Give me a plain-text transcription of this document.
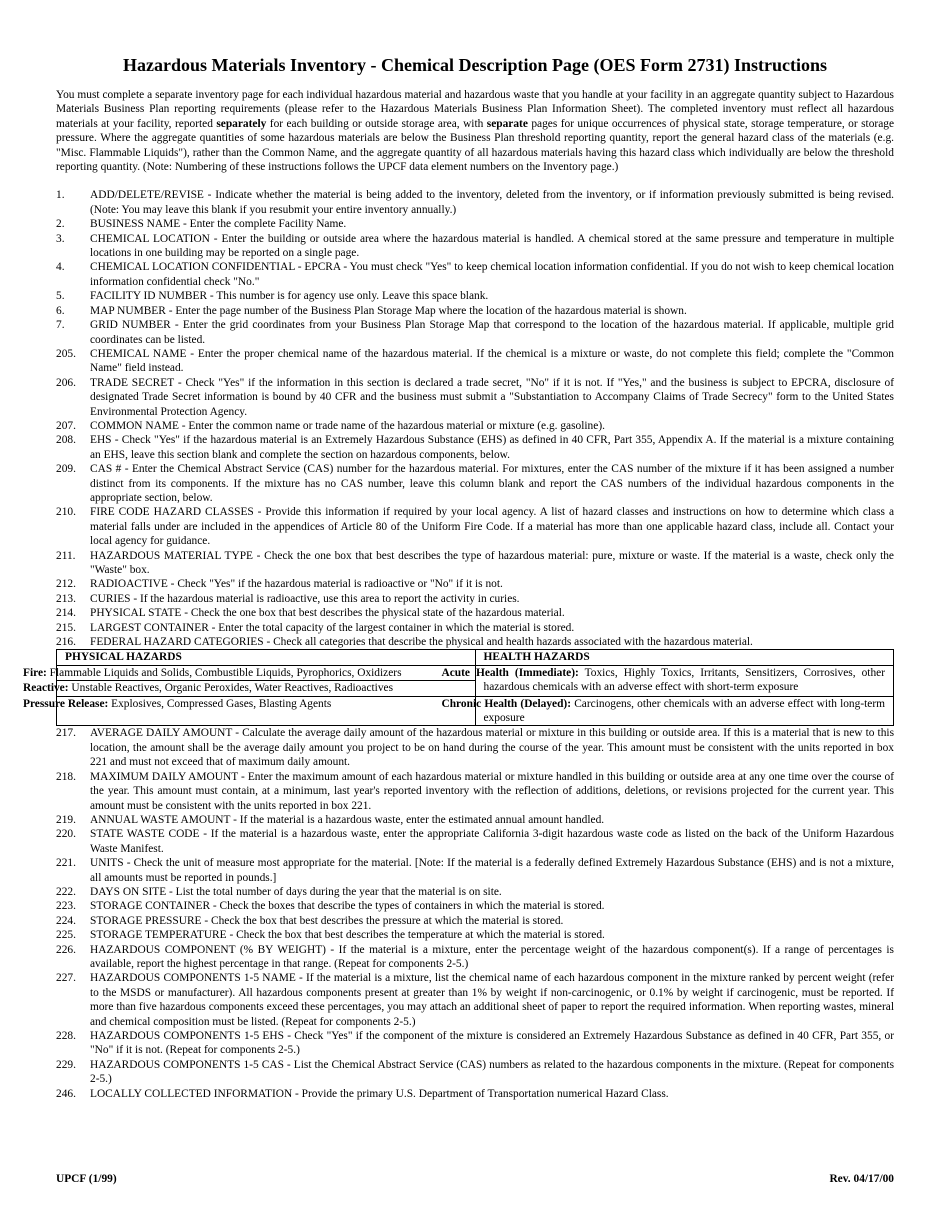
Hazardous Materials Inventory - Chemical Description Page (OES Form 2731) Instructions

You must complete a separate inventory page for each individual hazardous material and hazardous waste that you handle at your facility in an aggregate quantity subject to Hazardous Materials Business Plan reporting requirements (please refer to the Hazardous Materials Business Plan Information Sheet). The completed inventory must reflect all hazardous materials at your facility, reported separately for each building or outside storage area, with separate pages for unique occurrences of physical state, storage temperature, or storage pressure. Where the aggregate quantities of some hazardous materials are below the Business Plan threshold reporting quantity, report the general hazard class of the materials (e.g. "Misc. Flammable Liquids"), rather than the Common Name, and the aggregate quantity of all hazardous materials having this hazard class which individually are below the threshold reporting quantity. (Note: Numbering of these instructions follows the UPCF data element numbers on the Inventory page.)

1.	ADD/DELETE/REVISE - Indicate whether the material is being added to the inventory, deleted from the inventory, or if information previously submitted is being revised. (Note: You may leave this blank if you resubmit your entire inventory annually.)
2.	BUSINESS NAME - Enter the complete Facility Name.
3.	CHEMICAL LOCATION - Enter the building or outside area where the hazardous material is handled. A chemical stored at the same pressure and temperature in multiple locations in one building may be reported on a single page.
4.	CHEMICAL LOCATION CONFIDENTIAL - EPCRA - You must check "Yes" to keep chemical location information confidential. If you do not wish to keep chemical location information confidential check "No."
5.	FACILITY ID NUMBER - This number is for agency use only. Leave this space blank.
6.	MAP NUMBER - Enter the page number of the Business Plan Storage Map where the location of the hazardous material is shown.
7.	GRID NUMBER - Enter the grid coordinates from your Business Plan Storage Map that correspond to the location of the hazardous material. If applicable, multiple grid coordinates can be listed.
205.	CHEMICAL NAME - Enter the proper chemical name of the hazardous material. If the chemical is a mixture or waste, do not complete this field; complete the "Common Name" field instead.
206.	TRADE SECRET - Check "Yes" if the information in this section is declared a trade secret, "No" if it is not. If "Yes," and the business is subject to EPCRA, disclosure of designated Trade Secret information is bound by 40 CFR and the business must submit a "Substantiation to Accompany Claims of Trade Secrecy" form to the United States Environmental Protection Agency.
207.	COMMON NAME - Enter the common name or trade name of the hazardous material or mixture (e.g. gasoline).
208.	EHS - Check "Yes" if the hazardous material is an Extremely Hazardous Substance (EHS) as defined in 40 CFR, Part 355, Appendix A. If the material is a mixture containing an EHS, leave this section blank and complete the section on hazardous components, below.
209.	CAS # - Enter the Chemical Abstract Service (CAS) number for the hazardous material. For mixtures, enter the CAS number of the mixture if it has been assigned a number distinct from its components. If the mixture has no CAS number, leave this column blank and report the CAS numbers of the individual hazardous components in the appropriate section, below.
210.	FIRE CODE HAZARD CLASSES - Provide this information if required by your local agency. A list of hazard classes and instructions on how to determine which class a material falls under are included in the appendices of Article 80 of the Uniform Fire Code. If a material has more than one applicable hazard class, include all. Contact your local agency for guidance.
211.	HAZARDOUS MATERIAL TYPE - Check the one box that best describes the type of hazardous material: pure, mixture or waste. If the material is a waste, check only the "Waste" box.
212.	RADIOACTIVE - Check "Yes" if the hazardous material is radioactive or "No" if it is not.
213.	CURIES - If the hazardous material is radioactive, use this area to report the activity in curies.
214.	PHYSICAL STATE - Check the one box that best describes the physical state of the hazardous material.
215.	LARGEST CONTAINER - Enter the total capacity of the largest container in which the material is stored.
216.	FEDERAL HAZARD CATEGORIES - Check all categories that describe the physical and health hazards associated with the hazardous material.
PHYSICAL HAZARDS	HEALTH HAZARDS
Fire: Flammable Liquids and Solids, Combustible Liquids, Pyrophorics, Oxidizers	Acute Health (Immediate): Toxics, Highly Toxics, Irritants, Sensitizers, Corrosives, other hazardous chemicals with an adverse effect with short-term exposure
Reactive: Unstable Reactives, Organic Peroxides, Water Reactives, Radioactives	
Pressure Release: Explosives, Compressed Gases, Blasting Agents	Chronic Health (Delayed): Carcinogens, other chemicals with an adverse effect with long-term exposure
217.	AVERAGE DAILY AMOUNT - Calculate the average daily amount of the hazardous material or mixture in this building or outside area. If this is a material that is new to this location, the amount shall be the average daily amount you project to be on hand during the course of the year. This amount must be consistent with the units reported in box 221 and must not exceed that of maximum daily amount.
218.	MAXIMUM DAILY AMOUNT - Enter the maximum amount of each hazardous material or mixture handled in this building or outside area at any one time over the course of the year. This amount must contain, at a minimum, last year's reported inventory with the reflection of additions, deletions, or revisions projected for the current year. This amount must be consistent with the units reported in box 221.
219.	ANNUAL WASTE AMOUNT - If the material is a hazardous waste, enter the estimated annual amount handled.
220.	STATE WASTE CODE - If the material is a hazardous waste, enter the appropriate California 3-digit hazardous waste code as listed on the back of the Uniform Hazardous Waste Manifest.
221.	UNITS - Check the unit of measure most appropriate for the material. [Note: If the material is a federally defined Extremely Hazardous Substance (EHS) and is not a mixture, all amounts must be reported in pounds.]
222.	DAYS ON SITE - List the total number of days during the year that the material is on site.
223.	STORAGE CONTAINER - Check the boxes that describe the types of containers in which the material is stored.
224.	STORAGE PRESSURE - Check the box that best describes the pressure at which the material is stored.
225.	STORAGE TEMPERATURE - Check the box that best describes the temperature at which the material is stored.
226.	HAZARDOUS COMPONENT (% BY WEIGHT) - If the material is a mixture, enter the percentage weight of the hazardous component(s). If a range of percentages is available, report the highest percentage in that range. (Repeat for components 2-5.)
227.	HAZARDOUS COMPONENTS 1-5 NAME - If the material is a mixture, list the chemical name of each hazardous component in the mixture ranked by percent weight (refer to the MSDS or manufacturer). All hazardous components present at greater than 1% by weight if non-carcinogenic, or 0.1% by weight if carcinogenic, must be reported. If more than five hazardous components exceed these percentages, you may attach an additional sheet of paper to report the required information. When reporting wastes, mineral and chemical composition must be listed. (Repeat for components 2-5.)
228.	HAZARDOUS COMPONENTS 1-5 EHS - Check "Yes" if the component of the mixture is considered an Extremely Hazardous Substance as defined in 40 CFR, Part 355, or "No" if it is not. (Repeat for components 2-5.)
229.	HAZARDOUS COMPONENTS 1-5 CAS - List the Chemical Abstract Service (CAS) numbers as related to the hazardous components in the mixture. (Repeat for components 2-5.)
246.	LOCALLY COLLECTED INFORMATION - Provide the primary U.S. Department of Transportation numerical Hazard Class.
UPCF (1/99)	Rev. 04/17/00
